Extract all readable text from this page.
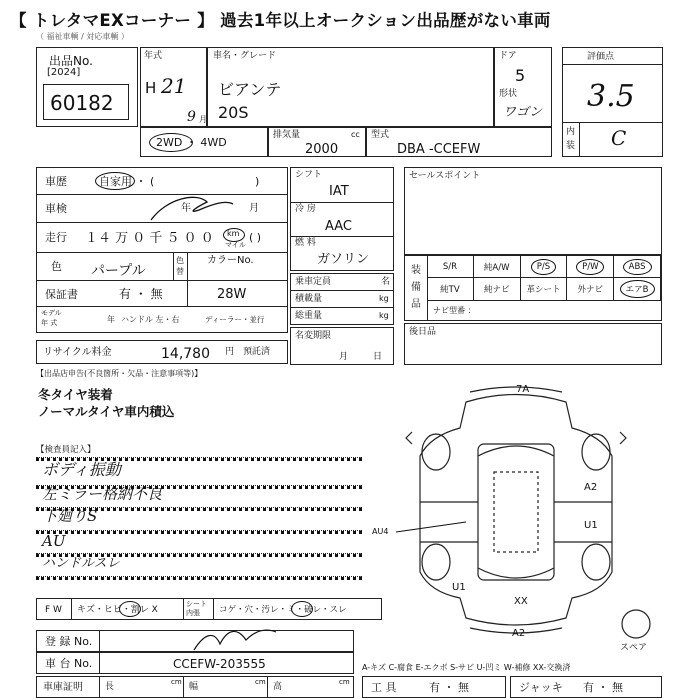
【 トレタマEXコーナー 】 過去1年以上オークション出品歴がない車両
（ 福祉車輌 / 対応車輌 ）
出品No.
[2024]
60182
年式
H 21
9 月
車名・グレード
ビアンテ
20S
ドア
5
形状
ワゴン
評価点
3.5
内
装 C
2WD ・ 4WD
排気量	cc
2000
型式
DBA -CCEFW
車歴	自家用 ・ (	)
車検	年	月
走行 １４ 万 ０ 千 ５ ０ ０ km
マイル
( )
色 パープル
色
替
カラーNo.
保証書	有 ・ 無	28W
モデル
年 式	年 ハンドル 左・右	ディーラー・並行
リサイクル料金	14,780 円 預託済
シフト
IAT
冷 房
AAC
燃 料
ガソリン
乗車定員	名
積載量	kg
総重量	kg
名変期限
月	日
セールスポイント
装
備
品
S/R	純A/W	P/S	P/W	ABS
純TV	純ナビ 革シート 外ナビ	エアB
ナビ型番 ：
後日品
【出品店申告(不良箇所・欠品・注意事項等)】
冬タイヤ装着
ノーマルタイヤ車内積込
【検査員記入】
ボディ振動
左ミラー格納不良
下廻りS
AU
ハンドルスレ
7A
A2
U1
AU4
U1
XX
A2
スペア
F W キズ・ヒビ・割レ X
シート
内張 コゲ・穴・汚レ・ミ・破レ・スレ
登 録 No.
車 台 No.	CCEFW-203555	A-キズ C-腐食 E-エクボ S-サビ U-凹ミ W-補修 XX-交換済
車庫証明 長	cm 幅	cm 高	cm 工 具	有 ・ 無	ジャッキ 有 ・ 無
